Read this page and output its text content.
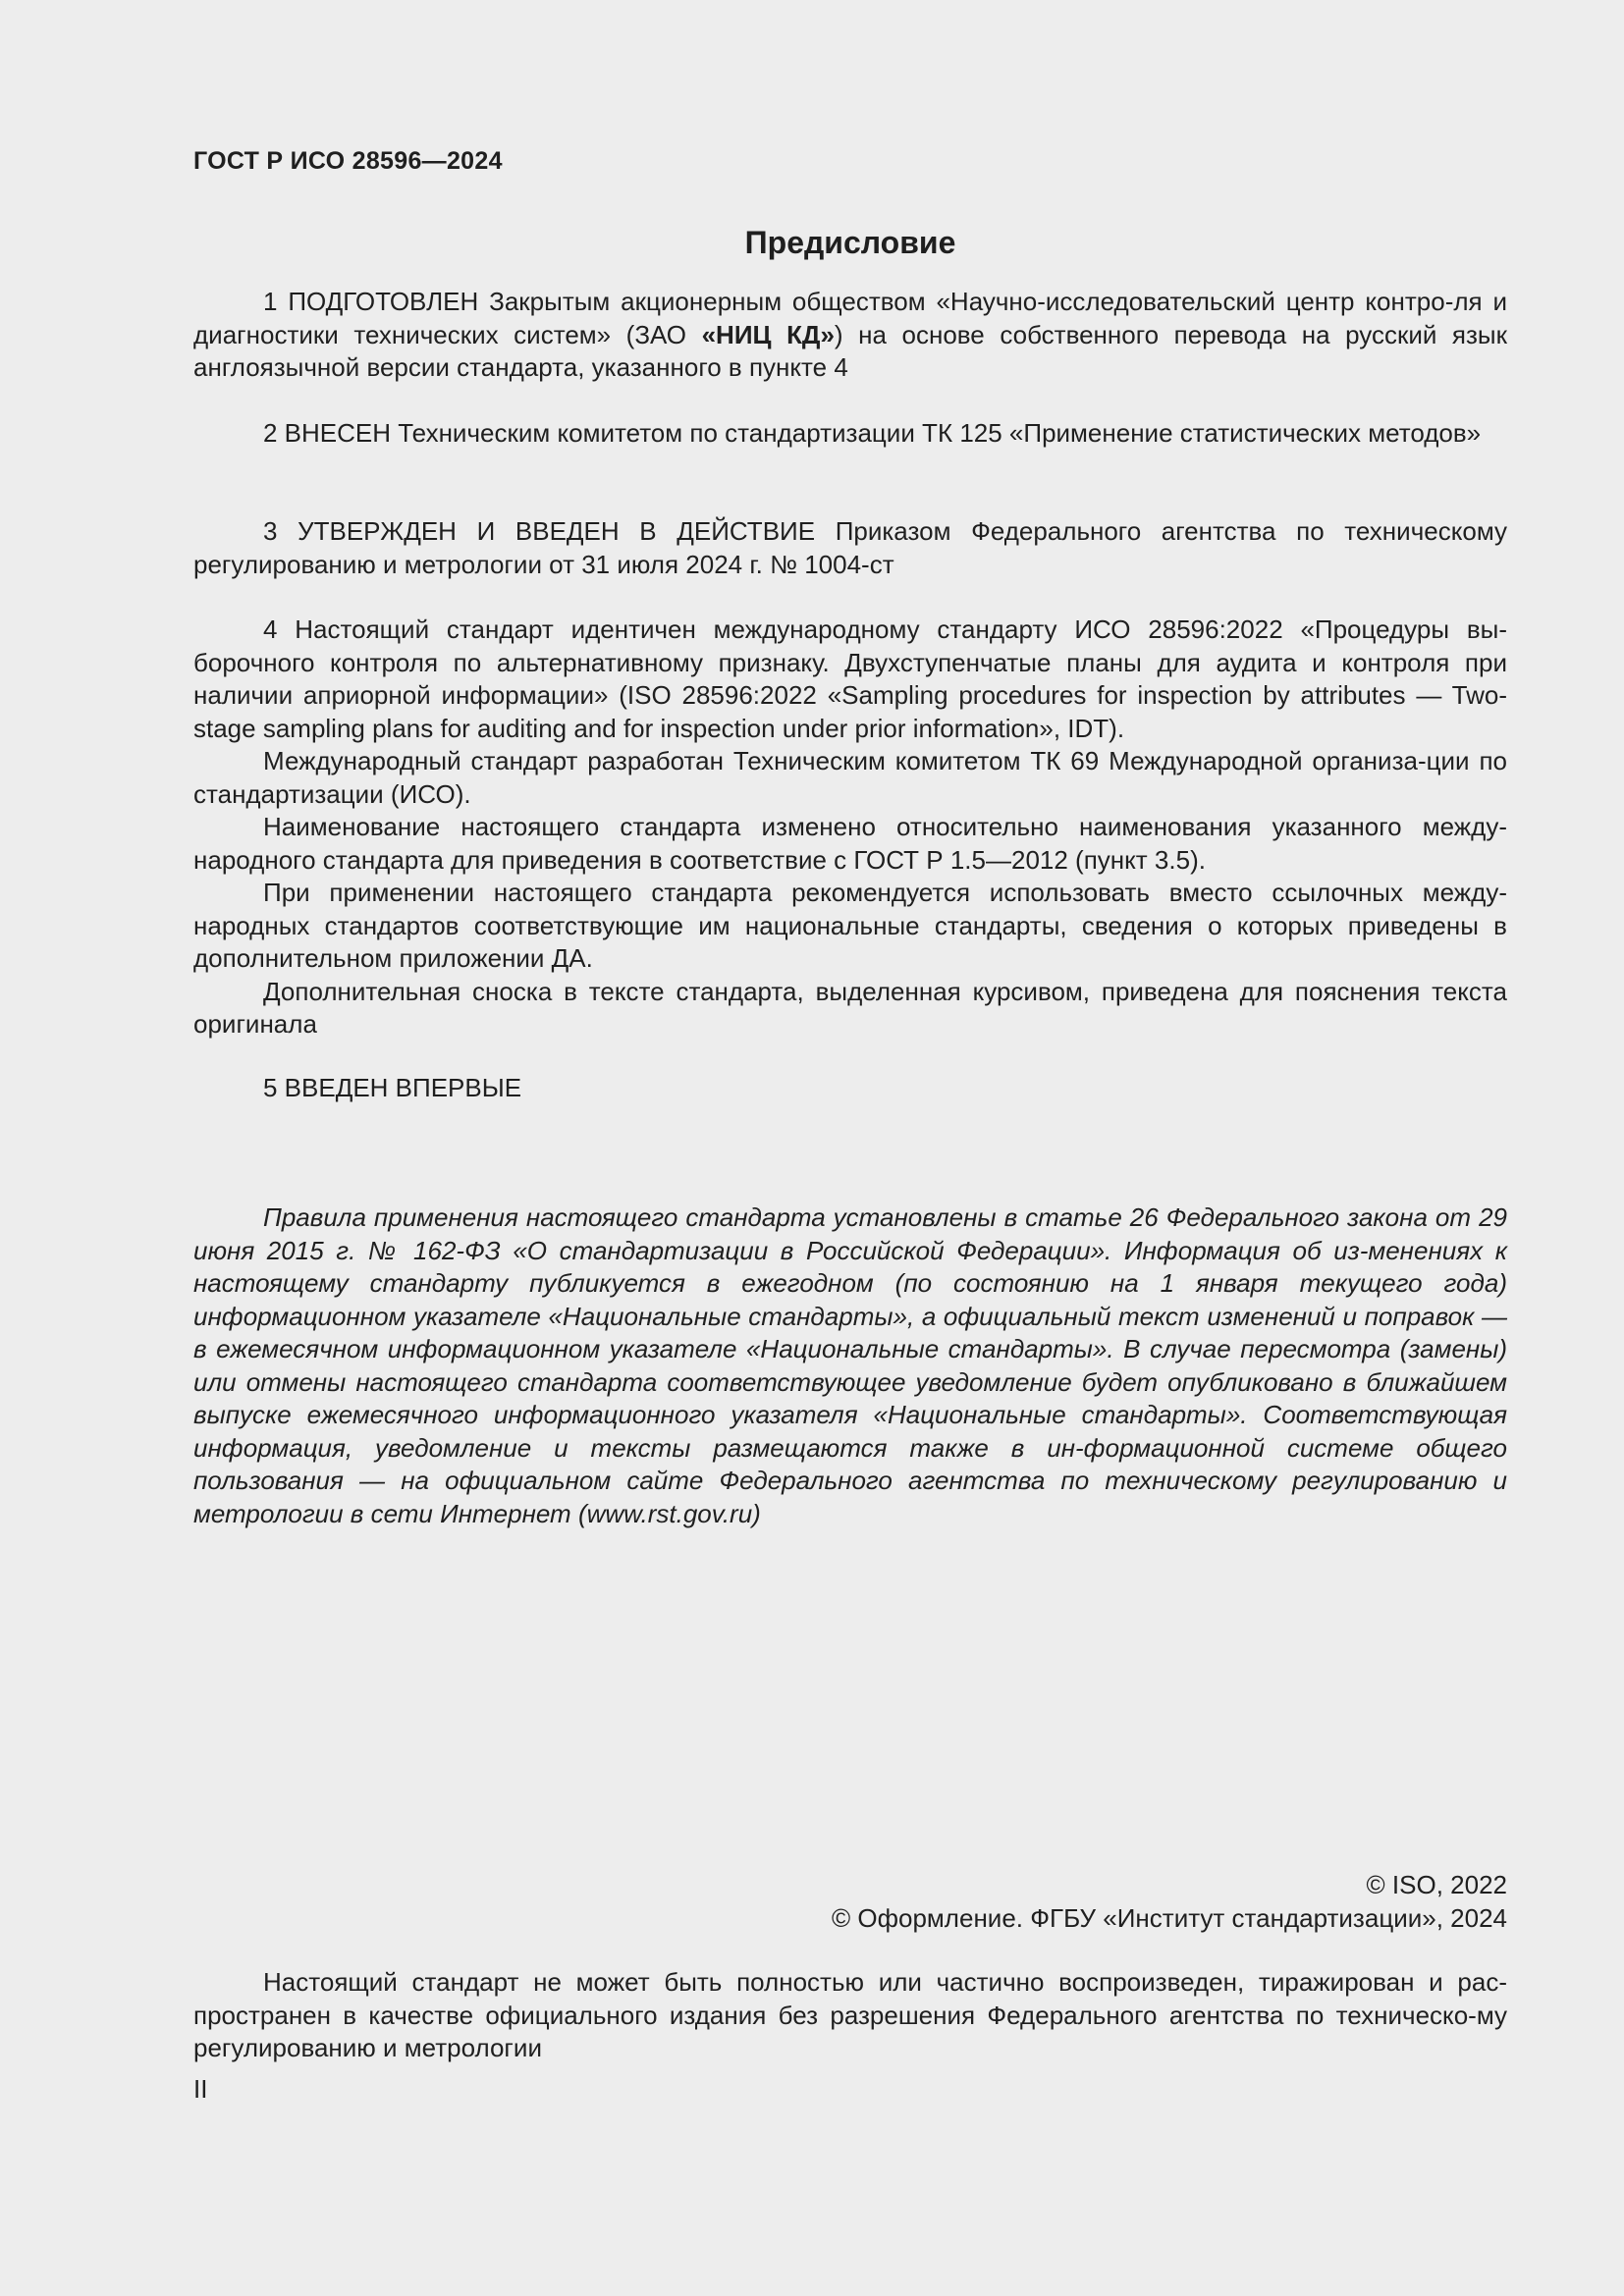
ГОСТ Р ИСО 28596—2024
Предисловие

1 ПОДГОТОВЛЕН Закрытым акционерным обществом «Научно-исследовательский центр контро-ля и диагностики технических систем» (ЗАО «НИЦ КД») на основе собственного перевода на русский язык англоязычной версии стандарта, указанного в пункте 4

2 ВНЕСЕН Техническим комитетом по стандартизации ТК 125 «Применение статистических методов»

3 УТВЕРЖДЕН И ВВЕДЕН В ДЕЙСТВИЕ Приказом Федерального агентства по техническому регулированию и метрологии от 31 июля 2024 г. № 1004-ст

4 Настоящий стандарт идентичен международному стандарту ИСО 28596:2022 «Процедуры вы-борочного контроля по альтернативному признаку. Двухступенчатые планы для аудита и контроля при наличии априорной информации» (ISO 28596:2022 «Sampling procedures for inspection by attributes — Two-stage sampling plans for auditing and for inspection under prior information», IDT).

Международный стандарт разработан Техническим комитетом ТК 69 Международной организа-ции по стандартизации (ИСО).

Наименование настоящего стандарта изменено относительно наименования указанного между-народного стандарта для приведения в соответствие с ГОСТ Р 1.5—2012 (пункт 3.5).

При применении настоящего стандарта рекомендуется использовать вместо ссылочных между-народных стандартов соответствующие им национальные стандарты, сведения о которых приведены в дополнительном приложении ДА.

Дополнительная сноска в тексте стандарта, выделенная курсивом, приведена для пояснения текста оригинала

5 ВВЕДЕН ВПЕРВЫЕ

Правила применения настоящего стандарта установлены в статье 26 Федерального закона от 29 июня 2015 г. № 162-ФЗ «О стандартизации в Российской Федерации». Информация об из-менениях к настоящему стандарту публикуется в ежегодном (по состоянию на 1 января текущего года) информационном указателе «Национальные стандарты», а официальный текст изменений и поправок — в ежемесячном информационном указателе «Национальные стандарты». В случае пересмотра (замены) или отмены настоящего стандарта соответствующее уведомление будет опубликовано в ближайшем выпуске ежемесячного информационного указателя «Национальные стандарты». Соответствующая информация, уведомление и тексты размещаются также в ин-формационной системе общего пользования — на официальном сайте Федерального агентства по техническому регулированию и метрологии в сети Интернет (www.rst.gov.ru)

© ISO, 2022
© Оформление. ФГБУ «Институт стандартизации», 2024

Настоящий стандарт не может быть полностью или частично воспроизведен, тиражирован и рас-пространен в качестве официального издания без разрешения Федерального агентства по техническо-му регулированию и метрологии

II
